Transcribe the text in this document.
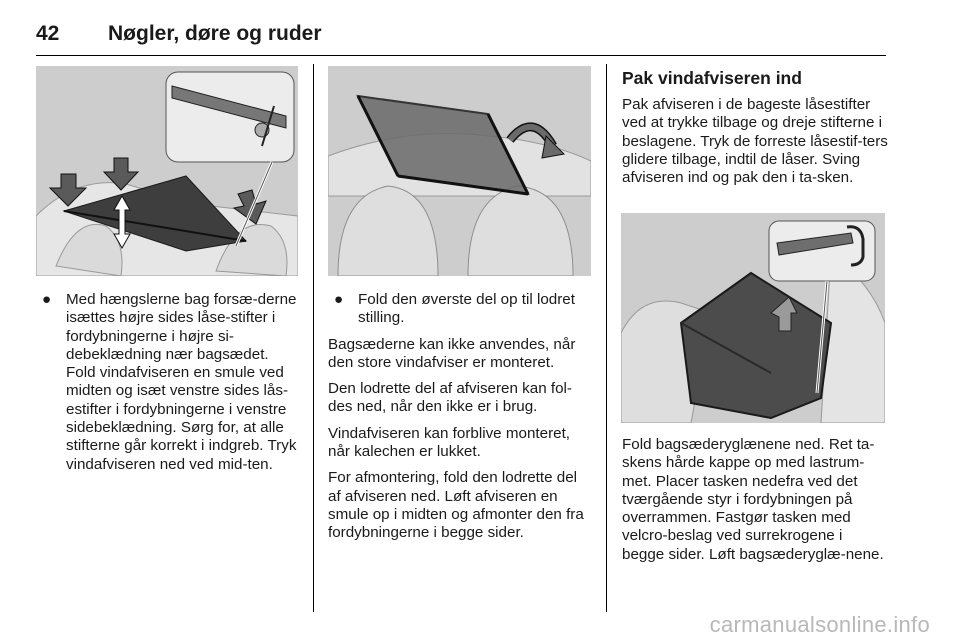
42 Nøgler, døre og ruder
● Med hængslerne bag forsæ-derne isættes højre sides låse-stifter i fordybningerne i højre si-debeklædning nær bagsædet. Fold vindafviseren en smule ved midten og isæt venstre sides lås-estifter i fordybningerne i venstre sidebeklædning. Sørg for, at alle stifterne går korrekt i indgreb. Tryk vindafviseren ned ved mid-ten.
● Fold den øverste del op til lodret stilling.

Bagsæderne kan ikke anvendes, når den store vindafviser er monteret.

Den lodrette del af afviseren kan fol-des ned, når den ikke er i brug.

Vindafviseren kan forblive monteret, når kalechen er lukket.

For afmontering, fold den lodrette del af afviseren ned. Løft afviseren en smule op i midten og afmonter den fra fordybningerne i begge sider.

Pak vindafviseren ind

Pak afviseren i de bageste låsestifter ved at trykke tilbage og dreje stifterne i beslagene. Tryk de forreste låsestif-ters glidere tilbage, indtil de låser. Sving afviseren ind og pak den i ta-sken.

Fold bagsæderyglænene ned. Ret ta-skens hårde kappe op med lastrum-met. Placer tasken nedefra ved det tværgående styr i fordybningen på overrammen. Fastgør tasken med velcro-beslag ved surrekrogene i begge sider. Løft bagsæderyglæ-nene.

carmanualsonline.info
